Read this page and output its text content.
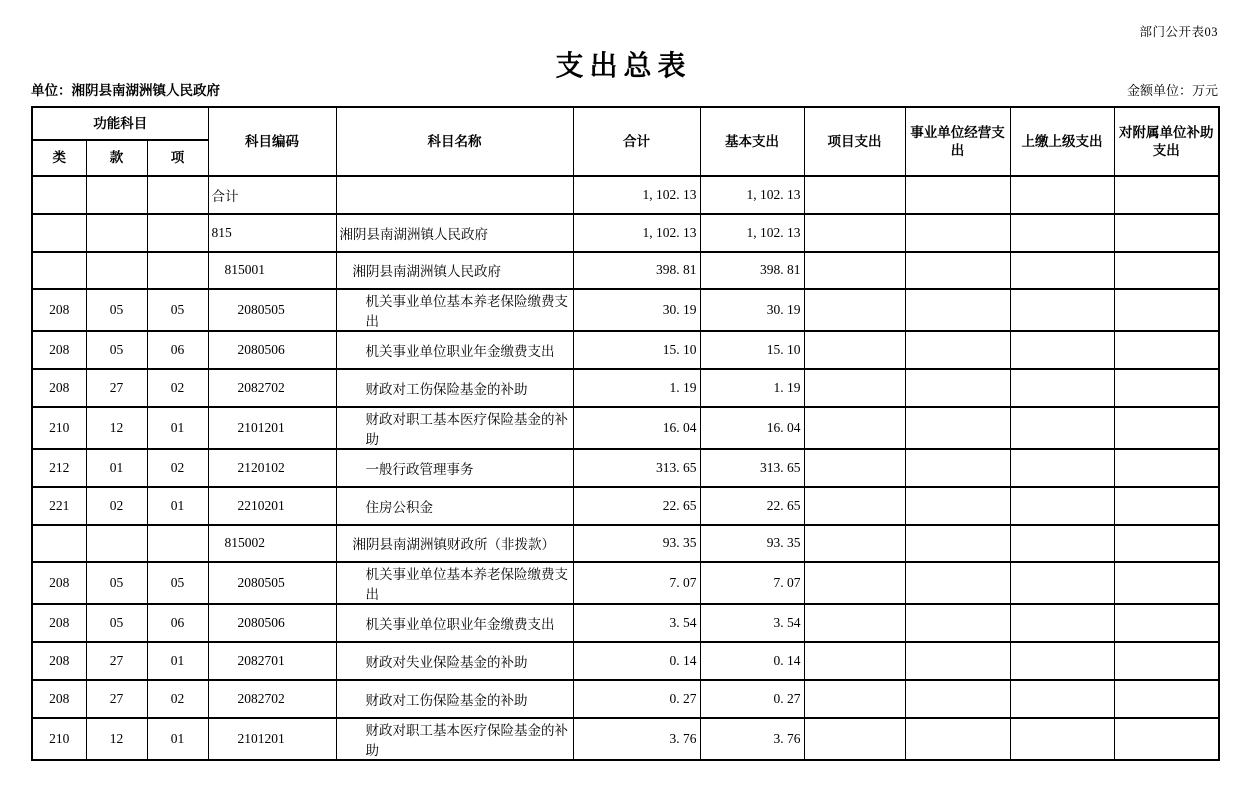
部门公开表03
支出总表
单位：湘阴县南湖洲镇人民政府	金额单位：万元
功能科目			科目编码	科目名称	合计	基本支出	项目支出	事业单位经营支出	上缴上级支出	对附属单位补助支出
类	款	项								
			合计		1, 102. 13	1, 102. 13				
			815	湘阴县南湖洲镇人民政府	1, 102. 13	1, 102. 13				
			815001	湘阴县南湖洲镇人民政府	398. 81	398. 81				
208	05	05	2080505	机关事业单位基本养老保险缴费支出	30. 19	30. 19				
208	05	06	2080506	机关事业单位职业年金缴费支出	15. 10	15. 10				
208	27	02	2082702	财政对工伤保险基金的补助	1. 19	1. 19				
210	12	01	2101201	财政对职工基本医疗保险基金的补助	16. 04	16. 04				
212	01	02	2120102	一般行政管理事务	313. 65	313. 65				
221	02	01	2210201	住房公积金	22. 65	22. 65				
			815002	湘阴县南湖洲镇财政所（非拨款）	93. 35	93. 35				
208	05	05	2080505	机关事业单位基本养老保险缴费支出	7. 07	7. 07				
208	05	06	2080506	机关事业单位职业年金缴费支出	3. 54	3. 54				
208	27	01	2082701	财政对失业保险基金的补助	0. 14	0. 14				
208	27	02	2082702	财政对工伤保险基金的补助	0. 27	0. 27				
210	12	01	2101201	财政对职工基本医疗保险基金的补助	3. 76	3. 76				
